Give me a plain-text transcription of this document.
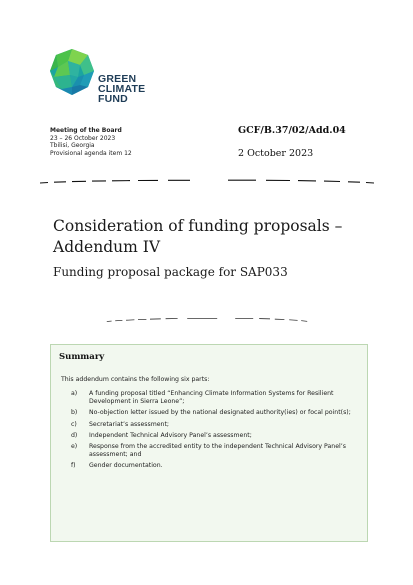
GREEN
CLIMATE
FUND
Meeting of the Board
23 – 26 October 2023
Tbilisi, Georgia
Provisional agenda item 12
GCF/B.37/02/Add.04
2 October 2023
Consideration of funding proposals –
Addendum IV
Funding proposal package for SAP033
Summary
This addendum contains the following six parts:
a)	A funding proposal titled “Enhancing Climate Information Systems for Resilient Development in Sierra Leone”;
b)	No-objection letter issued by the national designated authority(ies) or focal point(s);
c)	Secretariat’s assessment;
d)	Independent Technical Advisory Panel’s assessment;
e)	Response from the accredited entity to the independent Technical Advisory Panel’s assessment; and
f)	Gender documentation.
